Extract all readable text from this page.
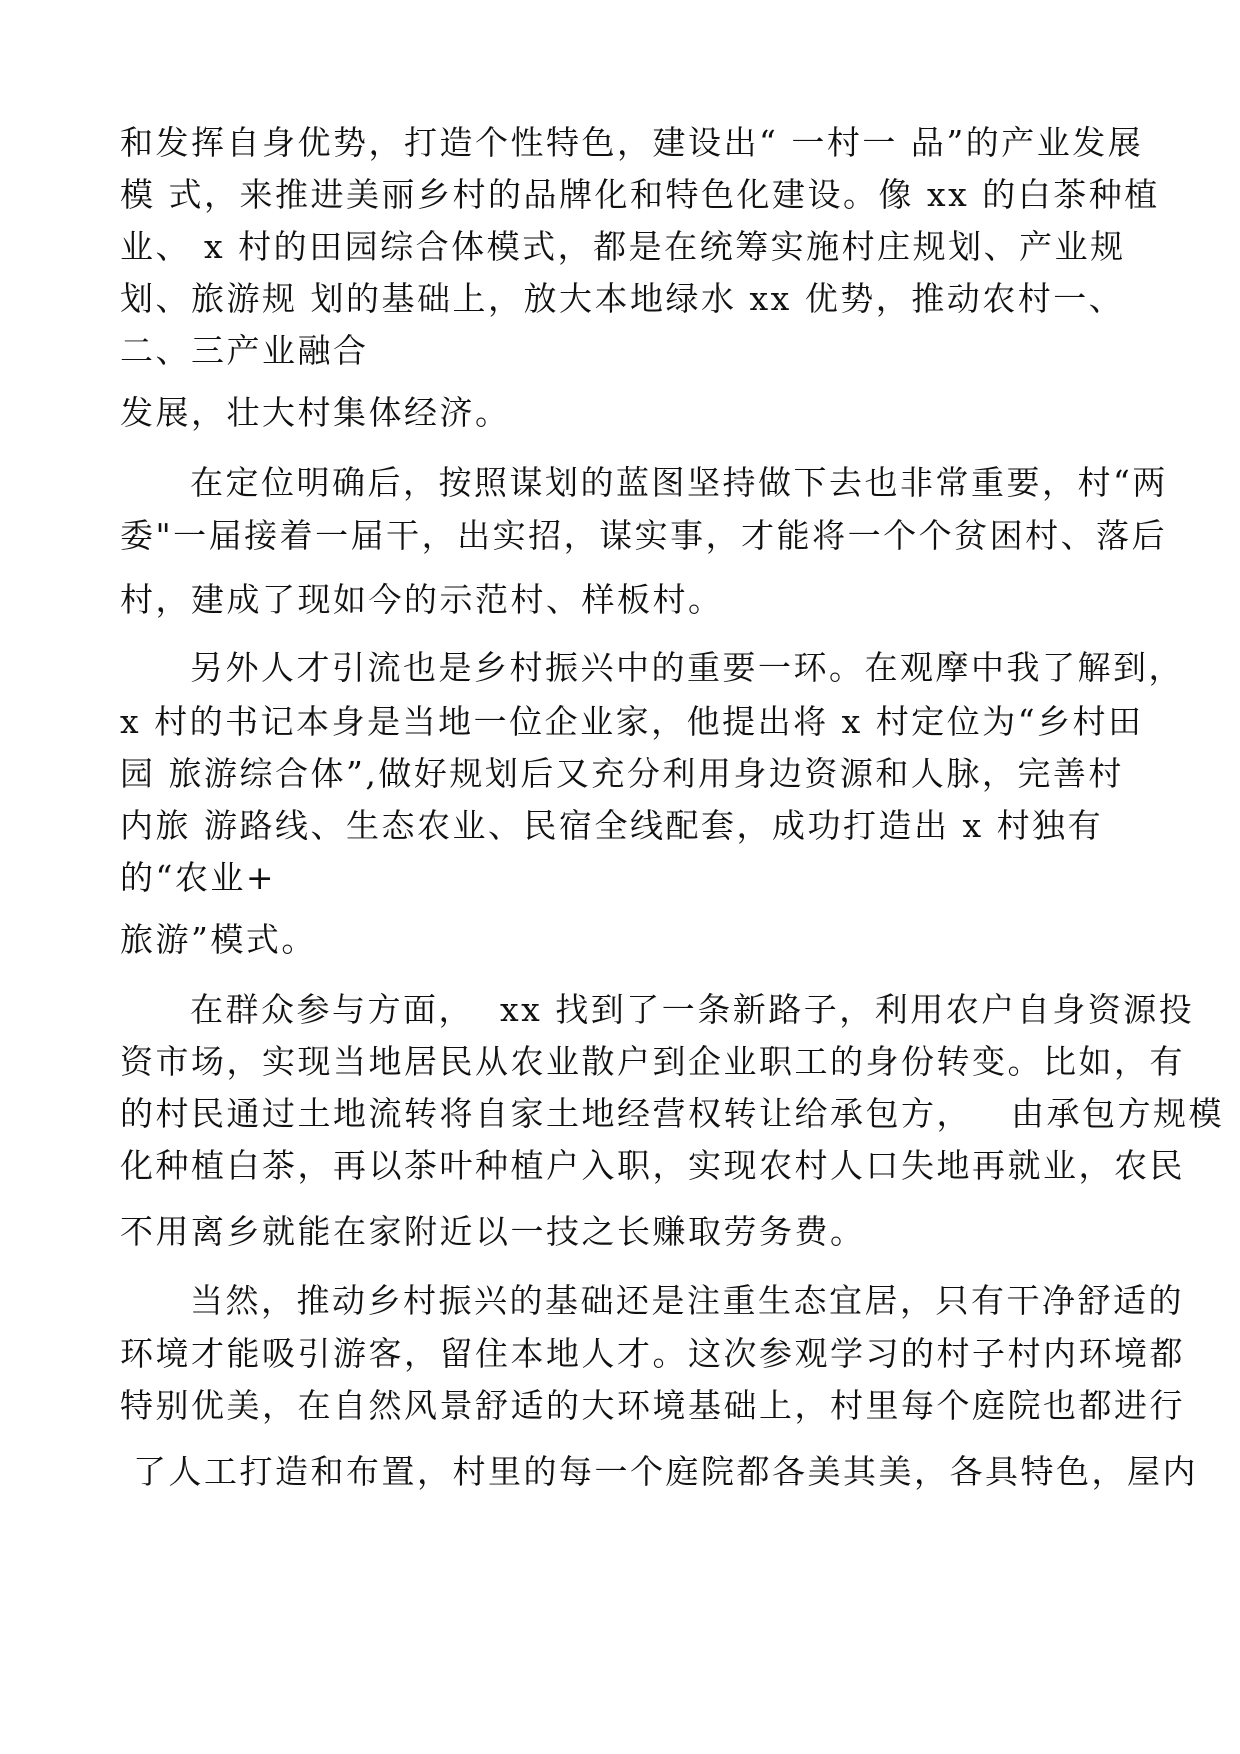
和发挥自身优势，打造个性特色，建设出“ 一村一 品”的产业发展
模 式，来推进美丽乡村的品牌化和特色化建设。像 xx 的白茶种植
业、 x 村的田园综合体模式，都是在统筹实施村庄规划、产业规
划、旅游规 划的基础上，放大本地绿水 xx 优势，推动农村一、
二、三产业融合
发展，壮大村集体经济。
在定位明确后，按照谋划的蓝图坚持做下去也非常重要，村“两
委"一届接着一届干，出实招，谋实事，才能将一个个贫困村、落后
村，建成了现如今的示范村、样板村。
另外人才引流也是乡村振兴中的重要一环。在观摩中我了解到，
x 村的书记本身是当地一位企业家，他提出将 x 村定位为“乡村田
园 旅游综合体”,做好规划后又充分利用身边资源和人脉，完善村
内旅 游路线、生态农业、民宿全线配套，成功打造出 x 村独有
的“农业+
旅游”模式。
在群众参与方面，  xx 找到了一条新路子，利用农户自身资源投
资市场，实现当地居民从农业散户到企业职工的身份转变。比如，有
的村民通过土地流转将自家土地经营权转让给承包方，   由承包方规模
化种植白茶，再以茶叶种植户入职，实现农村人口失地再就业，农民
不用离乡就能在家附近以一技之长赚取劳务费。
当然，推动乡村振兴的基础还是注重生态宜居，只有干净舒适的
环境才能吸引游客，留住本地人才。这次参观学习的村子村内环境都
特别优美，在自然风景舒适的大环境基础上，村里每个庭院也都进行
了人工打造和布置，村里的每一个庭院都各美其美，各具特色，屋内
